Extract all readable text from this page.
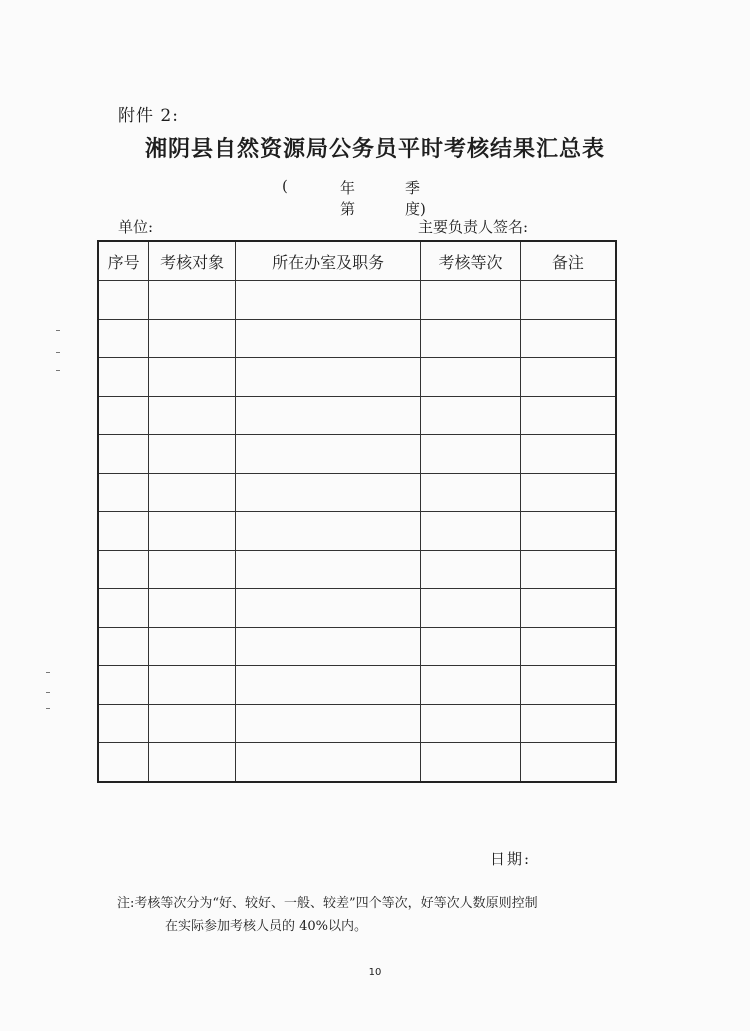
附件 2:
湘阴县自然资源局公务员平时考核结果汇总表
(	年第
季度)
单位:	主要负责人签名:
序号	考核对象	所在办室及职务	考核等次	备注

日期:
注:考核等次分为“好、较好、一般、较差”四个等次，好等次人数原则控制
在实际参加考核人员的 40%以内。
10
